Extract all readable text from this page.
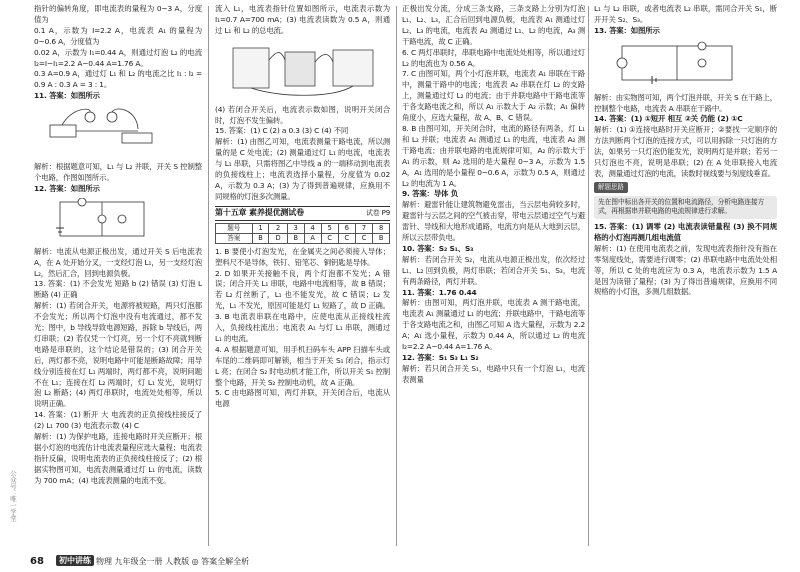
指针的偏转角度，即电流表的量程为 0~3 A，分度值为

0.1 A，示数为 I=2.2 A，电流表 A₁ 的量程为 0~0.6 A，分度值为

0.02 A，示数为 I₁=0.44 A，则通过灯泡 L₂ 的电流 I₂=I−I₁=2.2 A−0.44 A=1.76 A。

0.3 A=0.9 A，通过灯 L₁ 和 L₂ 的电流之比 I₁ : I₂ = 0.9 A : 0.3 A = 3 : 1。

11. 答案：如图所示

解析：根据题意可知，L₁ 与 L₂ 并联，开关 S 控制整个电路，作图如图所示。

12. 答案：如图所示

解析：电流从电源正极出发，通过开关 S 后电流表 A，在 A 处开始分叉，一支经灯泡 L₁，另一支经灯泡 L₂，然后汇合，回到电源负极。

13. 答案：(1) 不会发光 短路 b (2) 错误 (3) 灯泡 L 断路 (4) 正确

解析：(1) 若闭合开关，电源将被短路，两只灯泡都不会发光；所以两个灯泡中没有电流通过，都不发光；图中，b 导线导致电源短路，拆除 b 导线后，两灯串联；(2) 若仅凭一个灯亮，另一个灯不亮就判断电路是串联的，这个结论是错误的；(3) 闭合开关后，两灯都不亮，说明电路中可能是断路故障；用导线分别连接在灯 L₁ 两端时，两灯都不亮，说明问题不在 L₁；连接在灯 L₂ 两端时，灯 L₁ 发光，说明灯泡 L₂ 断路；(4) 两灯串联时，电流处处相等，所以说明正确。

14. 答案：(1) 断开 大 电流表的正负接线柱接反了 (2) L₁ 700 (3) 电流表示数 (4) C

解析：(1) 为保护电路，连接电路时开关应断开；根据小灯泡的电流估计电流表量程应选大量程；电流表指针反偏，说明电流表的正负接线柱接反了；(2) 根据实物图可知，电流表测量通过灯 L₁ 的电流，读数为 700 mA；(4) 电流表测量的电流不变。

流入 L₁，电流表指针位置如图所示，电流表示数为 I₁=0.7 A=700 mA；(3) 电流表读数为 0.5 A，则通过 L₁ 和 L₂ 的总电流。

(4) 若闭合开关后，电流表示数如图，说明开关闭合时，灯泡不发生偏转。

15. 答案：(1) C (2) a 0.3 (3) C (4) 不同

解析：(1) 由图乙可知，电流表测量干路电流，所以测量的是 C 处电流；(2) 测量通过灯 L₁ 的电流，电流表与 L₁ 串联，只需将图乙中导线 a 的一端移动到电流表的负接线柱上；电流表选择小量程，分度值为 0.02 A，示数为 0.3 A；(3) 为了得到普遍规律，应换用不同规格的灯泡多次测量。

第十五章 素养提优测试卷	试卷 P9
题号	1	2	3	4	5	6	7	8
答案	B	D	B	A	C	C	C	B

1. B 要使小灯泡发光，在金属夹之间必须接入导体；塑料尺不是导体，铁钉、铅笔芯、铜钥匙是导体。

2. D 如果开关接触不良，两个灯泡都不发光；A 错误；闭合开关 L₁ 串联，电路中电流相等，故 B 错误；若 L₂ 灯丝断了，L₁ 也不能发光，故 C 错误；L₂ 发光，L₁ 不发光，原因可能是灯 L₁ 短路了，故 D 正确。

3. B 电流表串联在电路中，应使电流从正接线柱流入，负接线柱流出；电流表 A₁ 与灯 L₁ 串联，测通过 L₁ 的电流。

4. A 根据题意可知，用手机扫码车头 APP 扫描车头或车尾的二维码即可解锁，相当于开关 S₁ 闭合，指示灯 L 亮；在闭合 S₂ 时电动机才能工作，所以开关 S₁ 控制整个电路，开关 S₂ 控制电动机，故 A 正确。

5. C 由电路图可知，两灯并联，开关闭合后，电流从电源

正极出发分流，分成三条支路，三条支路上分别为灯泡 L₁、L₂、L₃，汇合后回到电源负极，电流表 A₁ 测通过灯 L₂、L₃ 的电流，电流表 A₂ 测通过 L₁、L₂ 的电流，A₃ 测干路电流，故 C 正确。

6. C 两灯串联时，串联电路中电流处处相等，所以通过灯 L₂ 的电流也为 0.56 A。

7. C 由图可知，两个小灯泡并联，电流表 A₁ 串联在干路中，测量干路中的电流；电流表 A₂ 串联在灯 L₂ 的支路上，测量通过灯 L₂ 的电流；由于并联电路中干路电流等于各支路电流之和，所以 A₁ 示数大于 A₂ 示数；A₁ 偏转角度小，应选大量程，故 A、B、C 错误。

8. B 由图可知，开关闭合时，电流的路径有两条，灯 L₁ 和 L₂ 并联；电流表 A₁ 测通过 L₁ 的电流，电流表 A₂ 测干路电流；由并联电路的电流规律可知，A₂ 的示数大于 A₁ 的示数，则 A₂ 选用的是大量程 0~3 A，示数为 1.5 A，A₁ 选用的是小量程 0~0.6 A，示数为 0.5 A，则通过 L₂ 的电流为 1 A。

9. 答案：导体 负

解析：避雷针能让建筑物避免雷击，当云层电荷较多时，避雷针与云层之间的空气被击穿，带电云层通过空气与避雷针、导线和大地形成通路，电流方向是从大地到云层，所以云层带负电。

10. 答案：S₂ S₁、S₃

解析：若闭合开关 S₂，电流从电源正极出发，依次经过 L₁、L₂ 回到负极，两灯串联；若闭合开关 S₁、S₃，电流有两条路径，两灯并联。

11. 答案：1.76 0.44

解析：由图可知，两灯泡并联，电流表 A 测干路电流，电流表 A₁ 测量通过 L₁ 的电流；并联电路中，干路电流等于各支路电流之和，由图乙可知 A 选大量程，示数为 2.2 A；A₁ 选小量程，示数为 0.44 A，所以通过 L₂ 的电流 I₂=2.2 A−0.44 A=1.76 A。

12. 答案：S₁ S₃ L₁ S₂

解析：若只闭合开关 S₁，电路中只有一个灯泡 L₁，电流表测量

L₁ 与 L₂ 串联，或者电流表 L₂ 串联，需同合开关 S₁，断开开关 S₂、S₃。

13. 答案：如图所示

解析：由实物图可知，两个灯泡并联，开关 S 在干路上，控制整个电路，电流表 A 串联在干路中。

14. 答案：(1) ①短开 相互 ②关 仍能 (2) ①C

解析：(1) ①连接电路时开关应断开；②要找一定顺序的方法判断两个灯泡的连接方式，可以用拆除一只灯泡的方法，如果另一只灯泡仍能发光，说明两灯是并联；若另一只灯泡也不亮，说明是串联；(2) 在 A 处串联接入电流表，测量通过灯泡的电流，读数时视线要与刻度线垂直。

解题思路
先在图中标出各开关的位置和电流路径，分析电路连接方式，再根据串并联电路的电流规律进行求解。

15. 答案：(1) 调零 (2) 电流表读错量程 (3) 换不同规格的小灯泡再测几组电流值

解析：(1) 在使用电流表之前，发现电流表指针没有指在零刻度线处，需要进行调零；(2) 串联电路中电流处处相等，所以 C 处的电流应为 0.3 A，电流表示数为 1.5 A 是因为读错了量程；(3) 为了得出普遍规律，应换用不同规格的小灯泡，多测几组数据。

公众号：唯一学堂
68	初中讲练 物理 九年级全一册 人教版 ◎ 答案全解全析
